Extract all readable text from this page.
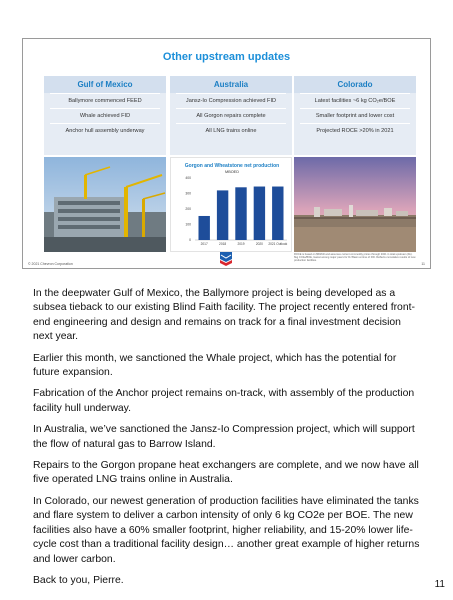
Other upstream updates
Gulf of Mexico
Ballymore commenced FEED
Whale achieved FID
Anchor hull assembly underway
Australia
Jansz-Io Compression achieved FID
All Gorgon repairs complete
All LNG trains online
Colorado
Latest facilities ~6 kg CO₂e/BOE
Smaller footprint and lower cost
Projected ROCE >20% in 2021
Gorgon and Wheatstone net production
MBOED
0
100
200
300
400
2017	2018	2019	2020 2021 Outlook
ROCE is based on $50/bbl and assumes current commodity prices through 2021 in total upstream (lfe). 6kg CO2e/BOE, lowest among major peers for DJ Basin at time of FID. Reflects cumulative results of new production facilities.
© 2021 Chevron Corporation	11

In the deepwater Gulf of Mexico, the Ballymore project is being developed as a subsea tieback to our existing Blind Faith facility. The project recently entered front-end engineering and design and remains on track for a final investment decision next year.

Earlier this month, we sanctioned the Whale project, which has the potential for future expansion.

Fabrication of the Anchor project remains on-track, with assembly of the production facility hull underway.

In Australia, we’ve sanctioned the Jansz-Io Compression project, which will support the flow of natural gas to Barrow Island.

Repairs to the Gorgon propane heat exchangers are complete, and we now have all five operated LNG trains online in Australia.

In Colorado, our newest generation of production facilities have eliminated the tanks and flare system to deliver a carbon intensity of only 6 kg CO2e per BOE. The new facilities also have a 60% smaller footprint, higher reliability, and 15-20% lower life-cycle cost than a traditional facility design… another great example of higher returns and lower carbon.

Back to you, Pierre.	11
